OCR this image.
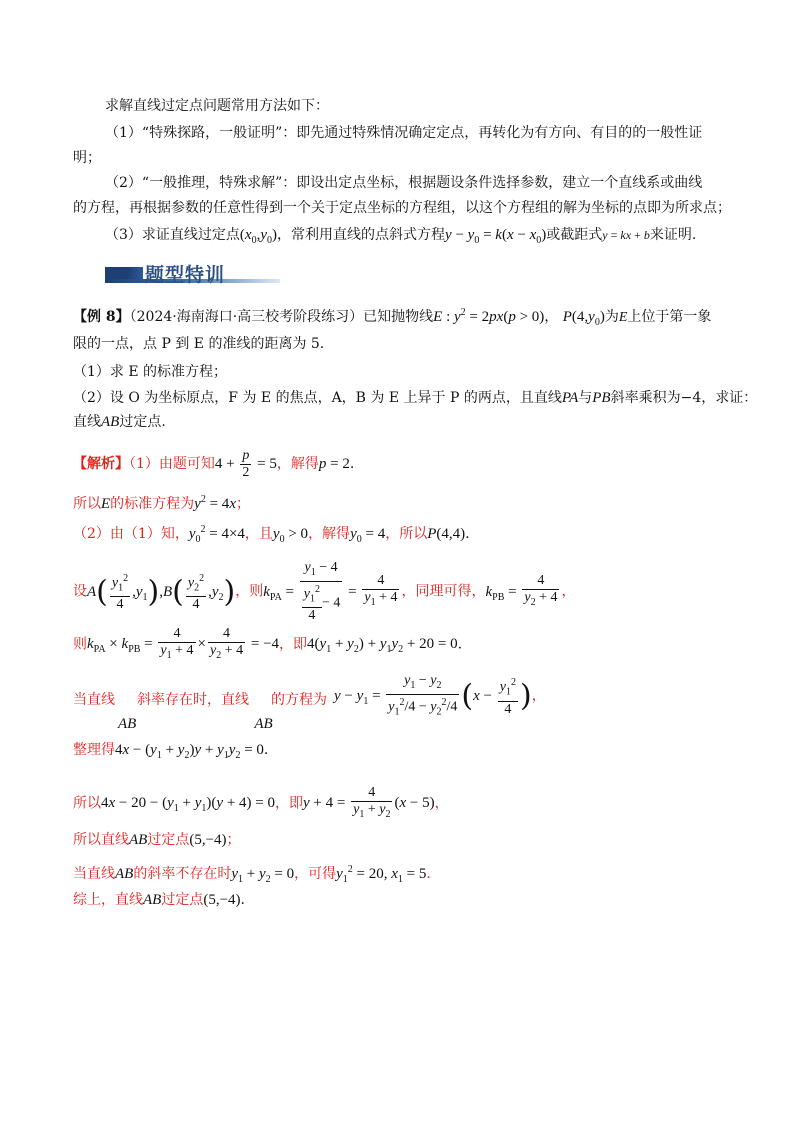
求解直线过定点问题常用方法如下：
（1）“特殊探路，一般证明”：即先通过特殊情况确定定点，再转化为有方向、有目的的一般性证
明；
（2）“一般推理，特殊求解”：即设出定点坐标，根据题设条件选择参数，建立一个直线系或曲线
的方程，再根据参数的任意性得到一个关于定点坐标的方程组，以这个方程组的解为坐标的点即为所求点；
（3）求证直线过定点$(x_0,y_0)$，常利用直线的点斜式方程$y - y_0 = k(x - x_0)$或截距式y = kx + b来证明.
题型特训
【例 8】（2024·海南海口·高三校考阶段练习）已知抛物线E : $y^2 = 2px(p > 0)$， $P(4,y_0)$为E上位于第一象
限的一点，点 P 到 E 的准线的距离为 5.
（1）求 E 的标准方程；
（2）设 O 为坐标原点，F 为 E 的焦点，A，B 为 E 上异于 P 的两点，且直线PA与PB斜率乘积为−4，求证：
直线AB过定点.
【解析】（1）由题可知$4 + \frac{p}{2} = 5$，解得p = 2.
所以E的标准方程为$y^2 = 4x$；
（2）由（1）知，$y_0^2 = 4\times 4$，且$y_0 > 0$，解得$y_0 = 4$，所以P(4,4).
设$A( \frac{y_1^2}{4} ,y_1),B( \frac{y_2^2}{4} ,y_2)$，则$k_{PA} = \frac{y_1 - 4}{\frac{y_1^2}{4} - 4} = \frac{4}{y_1 + 4}$ ，同理可得，$k_{PB} = \frac{4}{y_2 + 4}$ ，
则$k_{PA} \times k_{PB} = \frac{4}{y_1 + 4} \times \frac{4}{y_2 + 4} = -4$，即$4(y_1 + y_2) + y_1y_2 + 20 = 0$.
当直线 斜率存在时，直线 的方程为
AB	AB
$y - y_1 = \frac{y_1 - y_2}{y_1^2/4 - y_2^2/4} (x - \frac{y_1^2}{4}$ )，
整理得$4x - (y_1 + y_2)y + y_1y_2 = 0$.
所以$4x - 20 - (y_1 + y_1)(y + 4) = 0$，即$y + 4 = \frac{4}{y_1 + y_2} (x - 5)$，
所以直线AB过定点(5,−4)；
当直线AB的斜率不存在时$y_1 + y_2 = 0$，可得$y_1^2 = 20$, $x_1 = 5$.
综上，直线AB过定点(5,−4).
